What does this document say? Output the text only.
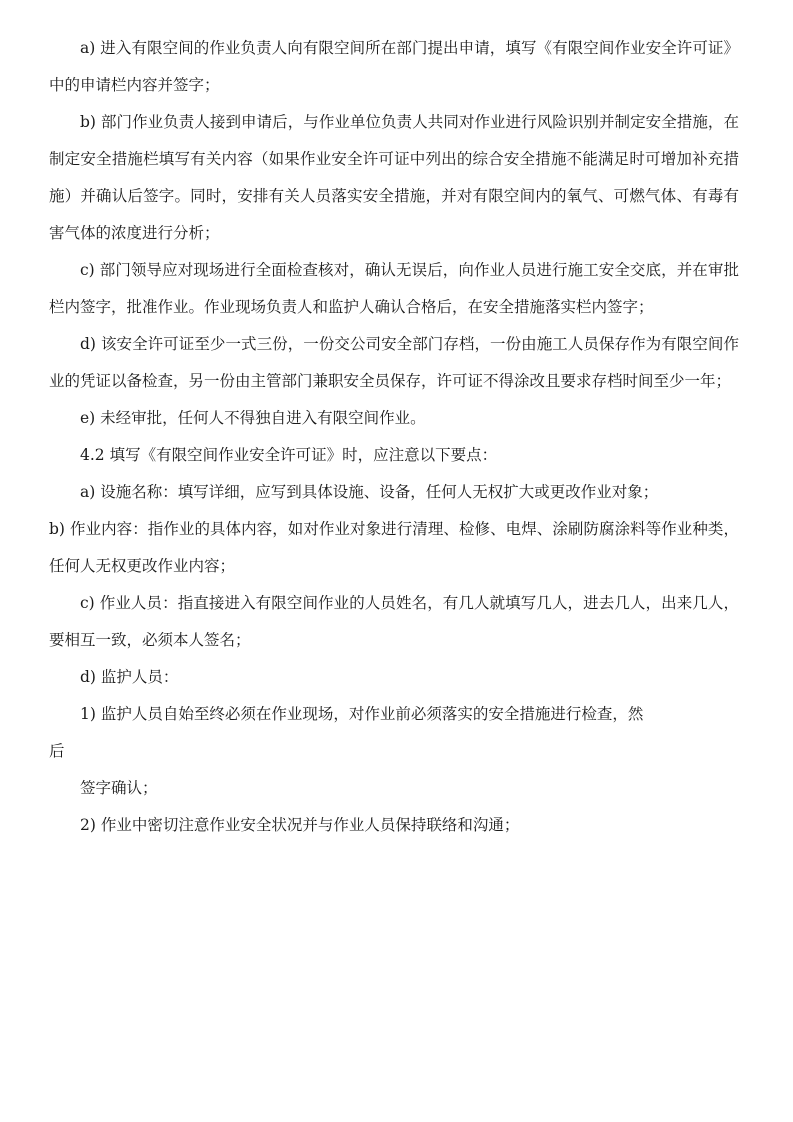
a) 进入有限空间的作业负责人向有限空间所在部门提出申请，填写《有限空间作业安全许可证》中的申请栏内容并签字；

b) 部门作业负责人接到申请后，与作业单位负责人共同对作业进行风险识别并制定安全措施，在制定安全措施栏填写有关内容（如果作业安全许可证中列出的综合安全措施不能满足时可增加补充措施）并确认后签字。同时，安排有关人员落实安全措施，并对有限空间内的氧气、可燃气体、有毒有害气体的浓度进行分析；

c) 部门领导应对现场进行全面检查核对，确认无误后，向作业人员进行施工安全交底，并在审批栏内签字，批准作业。作业现场负责人和监护人确认合格后，在安全措施落实栏内签字；

d) 该安全许可证至少一式三份，一份交公司安全部门存档，一份由施工人员保存作为有限空间作业的凭证以备检查，另一份由主管部门兼职安全员保存，许可证不得涂改且要求存档时间至少一年；

e) 未经审批，任何人不得独自进入有限空间作业。

4.2 填写《有限空间作业安全许可证》时，应注意以下要点：

a) 设施名称：填写详细，应写到具体设施、设备，任何人无权扩大或更改作业对象；

b) 作业内容：指作业的具体内容，如对作业对象进行清理、检修、电焊、涂刷防腐涂料等作业种类，任何人无权更改作业内容；

c) 作业人员：指直接进入有限空间作业的人员姓名，有几人就填写几人，进去几人，出来几人，要相互一致，必须本人签名；

d) 监护人员：

1) 监护人员自始至终必须在作业现场，对作业前必须落实的安全措施进行检查，然

后

签字确认；

2) 作业中密切注意作业安全状况并与作业人员保持联络和沟通；
